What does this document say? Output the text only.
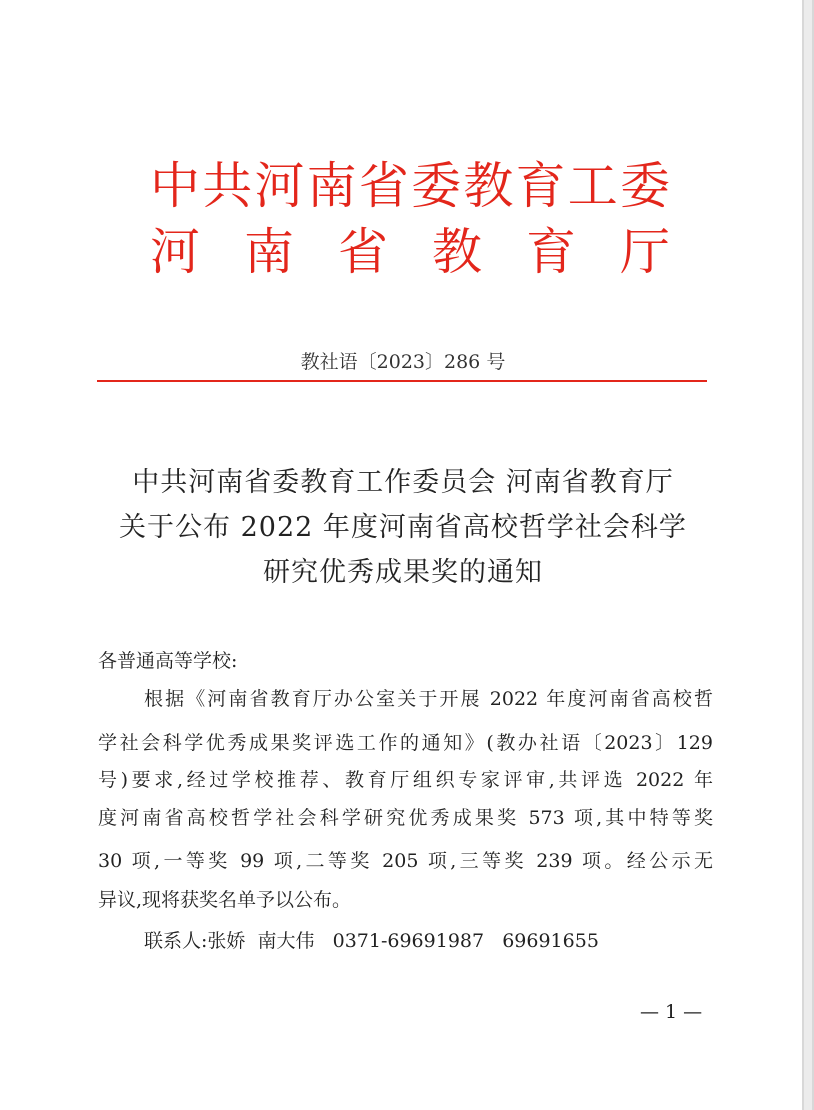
中 共 河 南 省 委 教 育 工 委
河 南 省 教 育 厅
教社语〔2023〕286 号
中共河南省委教育工作委员会 河南省教育厅
关于公布 2022 年度河南省高校哲学社会科学
研究优秀成果奖的通知
各普通高等学校:
根据《河南省教育厅办公室关于开展 2022 年度河南省高校哲
学社会科学优秀成果奖评选工作的通知》(教办社语〔2023〕129
号)要求,经过学校推荐、教育厅组织专家评审,共评选 2022 年
度河南省高校哲学社会科学研究优秀成果奖 573 项,其中特等奖
30 项,一等奖 99 项,二等奖 205 项,三等奖 239 项。经公示无
异议,现将获奖名单予以公布。
联系人:张娇  南大伟   0371-69691987   69691655
— 1 —
